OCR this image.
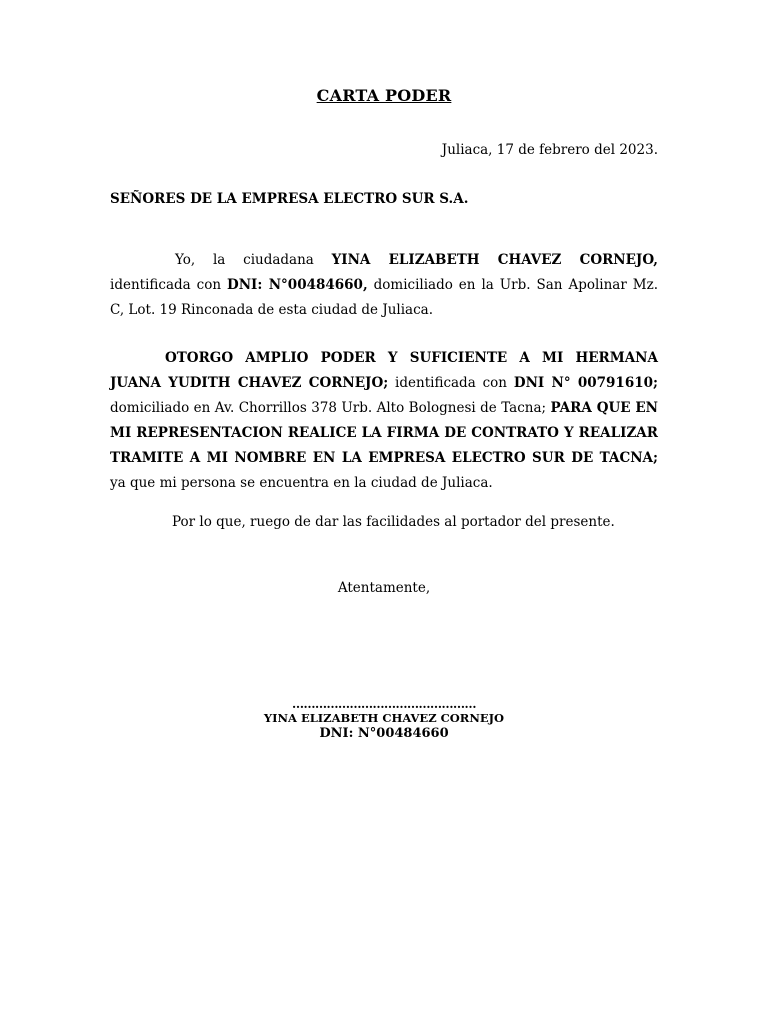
CARTA PODER
Juliaca, 17 de febrero del 2023.
SEÑORES DE LA EMPRESA ELECTRO SUR S.A.
Yo, la ciudadana YINA ELIZABETH CHAVEZ CORNEJO, identificada con DNI: N°00484660, domiciliado en la Urb. San Apolinar Mz. C, Lot. 19 Rinconada de esta ciudad de Juliaca.
OTORGO AMPLIO PODER Y SUFICIENTE A MI HERMANA JUANA YUDITH CHAVEZ CORNEJO; identificada con DNI N° 00791610; domiciliado en Av. Chorrillos 378 Urb. Alto Bolognesi de Tacna; PARA QUE EN MI REPRESENTACION REALICE LA FIRMA DE CONTRATO Y REALIZAR TRAMITE A MI NOMBRE EN LA EMPRESA ELECTRO SUR DE TACNA; ya que mi persona se encuentra en la ciudad de Juliaca.
Por lo que, ruego de dar las facilidades al portador del presente.
Atentamente,
…………………………………………
YINA ELIZABETH CHAVEZ CORNEJO
DNI: N°00484660
